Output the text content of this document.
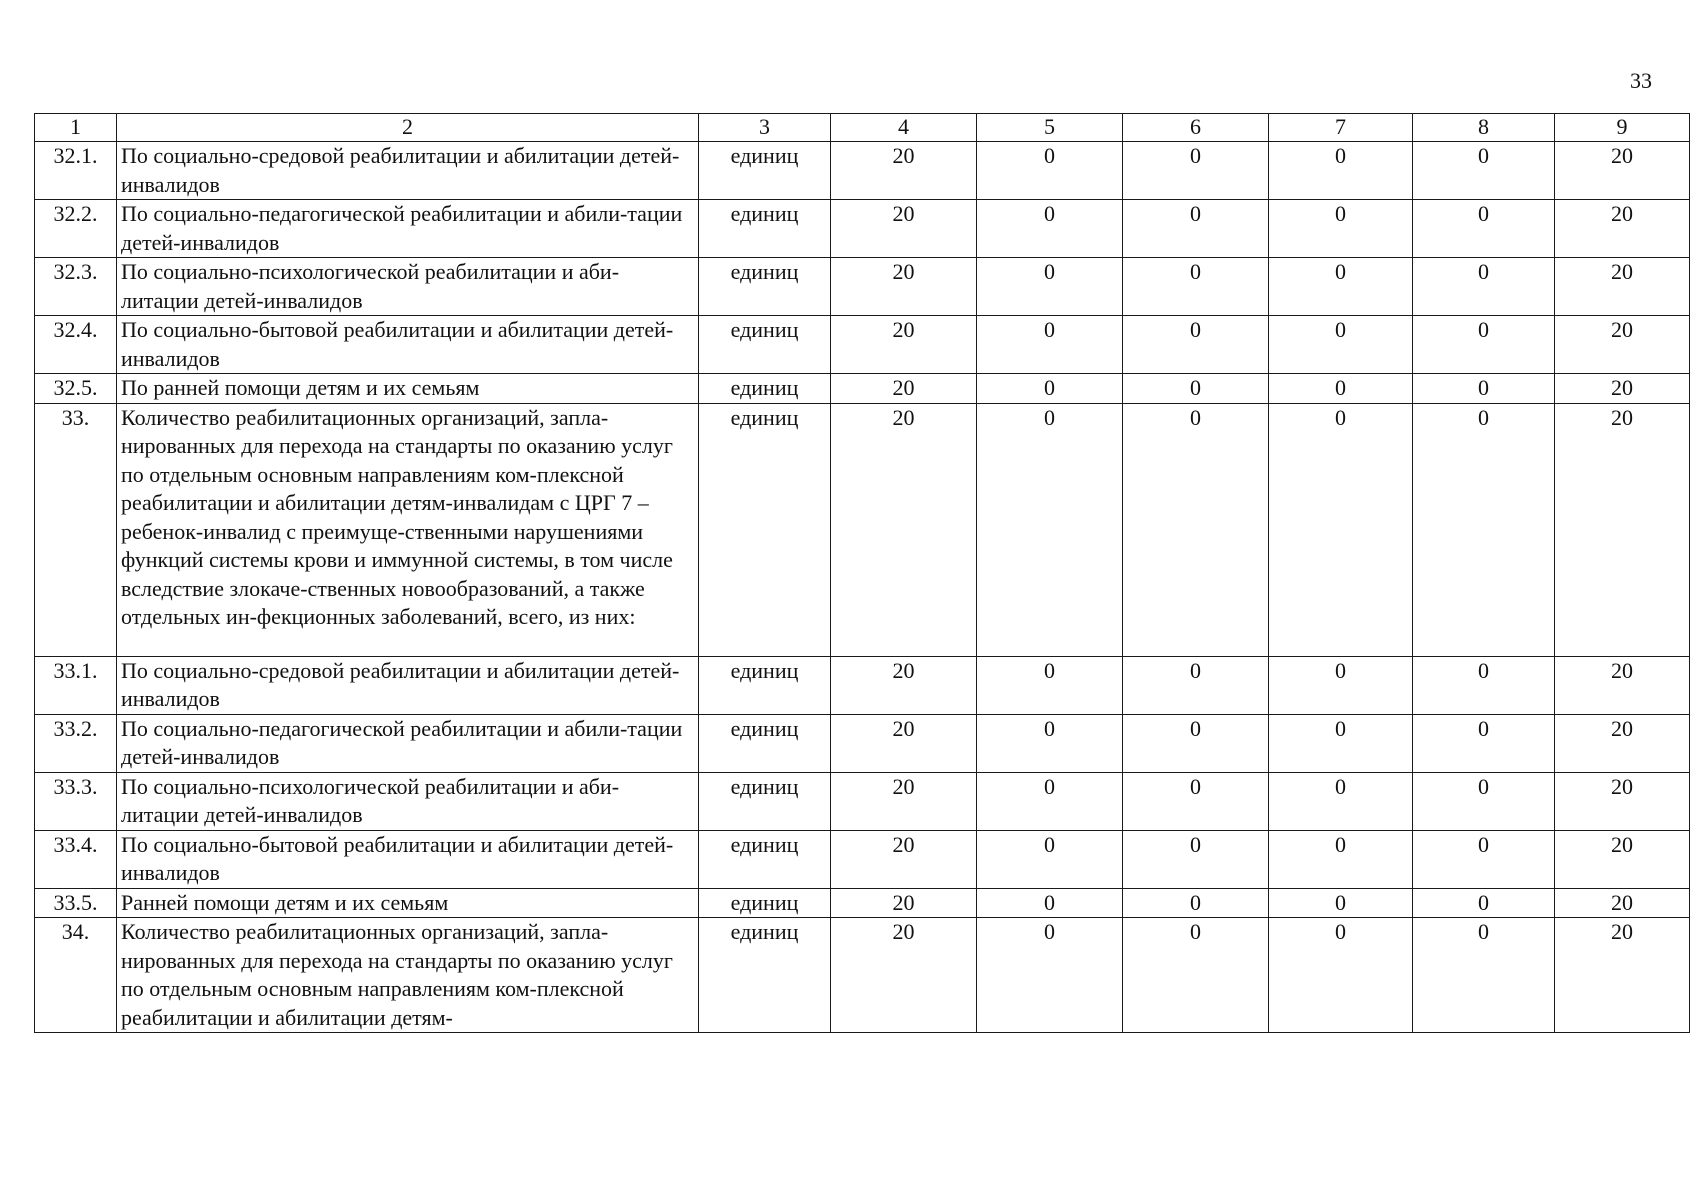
33
1	2	3	4	5	6	7	8	9
32.1.	По социально-средовой реабилитации и абилитации детей-инвалидов	единиц	20	0	0	0	0	20
32.2.	По социально-педагогической реабилитации и абили-тации детей-инвалидов	единиц	20	0	0	0	0	20
32.3.	По социально-психологической реабилитации и аби-литации детей-инвалидов	единиц	20	0	0	0	0	20
32.4.	По социально-бытовой реабилитации и абилитации детей-инвалидов	единиц	20	0	0	0	0	20
32.5.	По ранней помощи детям и их семьям	единиц	20	0	0	0	0	20
33.	Количество реабилитационных организаций, запла-нированных для перехода на стандарты по оказанию услуг по отдельным основным направлениям ком-плексной реабилитации и абилитации детям-инвалидам с ЦРГ 7 – ребенок-инвалид с преимуще-ственными нарушениями функций системы крови и иммунной системы, в том числе вследствие злокаче-ственных новообразований, а также отдельных ин-фекционных заболеваний, всего, из них:	единиц	20	0	0	0	0	20
33.1.	По социально-средовой реабилитации и абилитации детей-инвалидов	единиц	20	0	0	0	0	20
33.2.	По социально-педагогической реабилитации и абили-тации детей-инвалидов	единиц	20	0	0	0	0	20
33.3.	По социально-психологической реабилитации и аби-литации детей-инвалидов	единиц	20	0	0	0	0	20
33.4.	По социально-бытовой реабилитации и абилитации детей-инвалидов	единиц	20	0	0	0	0	20
33.5.	Ранней помощи детям и их семьям	единиц	20	0	0	0	0	20
34.	Количество реабилитационных организаций, запла-нированных для перехода на стандарты по оказанию услуг по отдельным основным направлениям ком-плексной реабилитации и абилитации детям-	единиц	20	0	0	0	0	20
